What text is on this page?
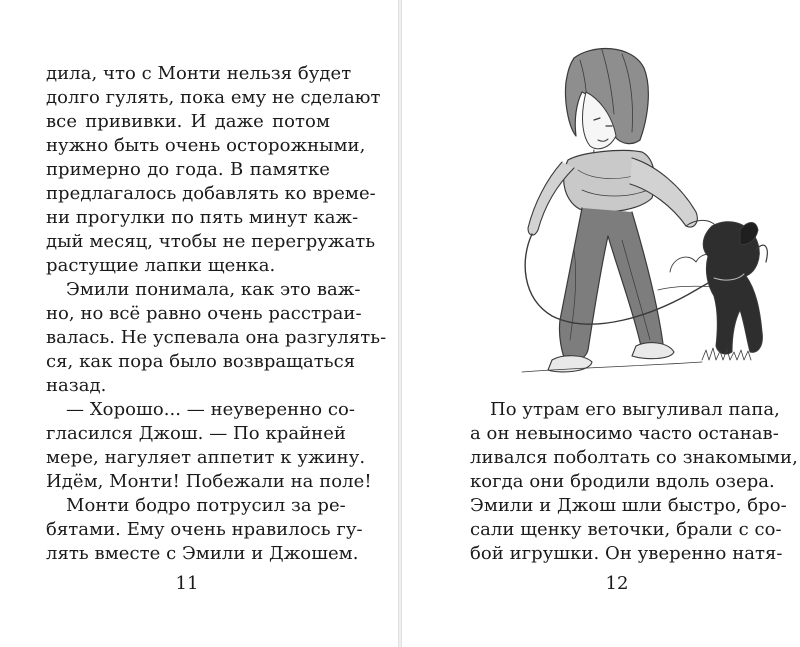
дила, что с Монти нельзя будет

долго гулять, пока ему не сделают

все прививки. И даже потом

нужно быть очень осторожными,

примерно до года. В памятке

предлагалось добавлять ко време-

ни прогулки по пять минут каж-

дый месяц, чтобы не перегружать

растущие лапки щенка.

Эмили понимала, как это важ-

но, но всё равно очень расстраи-

валась. Не успевала она разгулять-

ся, как пора было возвращаться

назад.

— Хорошо... — неуверенно со-

гласился Джош. — По крайней

мере, нагуляет аппетит к ужину.

Идём, Монти! Побежали на поле!

Монти бодро потрусил за ре-

бятами. Ему очень нравилось гу-

лять вместе с Эмили и Джошем.

11

По утрам его выгуливал папа,

а он невыносимо часто останав-

ливался поболтать со знакомыми,

когда они бродили вдоль озера.

Эмили и Джош шли быстро, бро-

сали щенку веточки, брали с со-

бой игрушки. Он уверенно натя-

12
